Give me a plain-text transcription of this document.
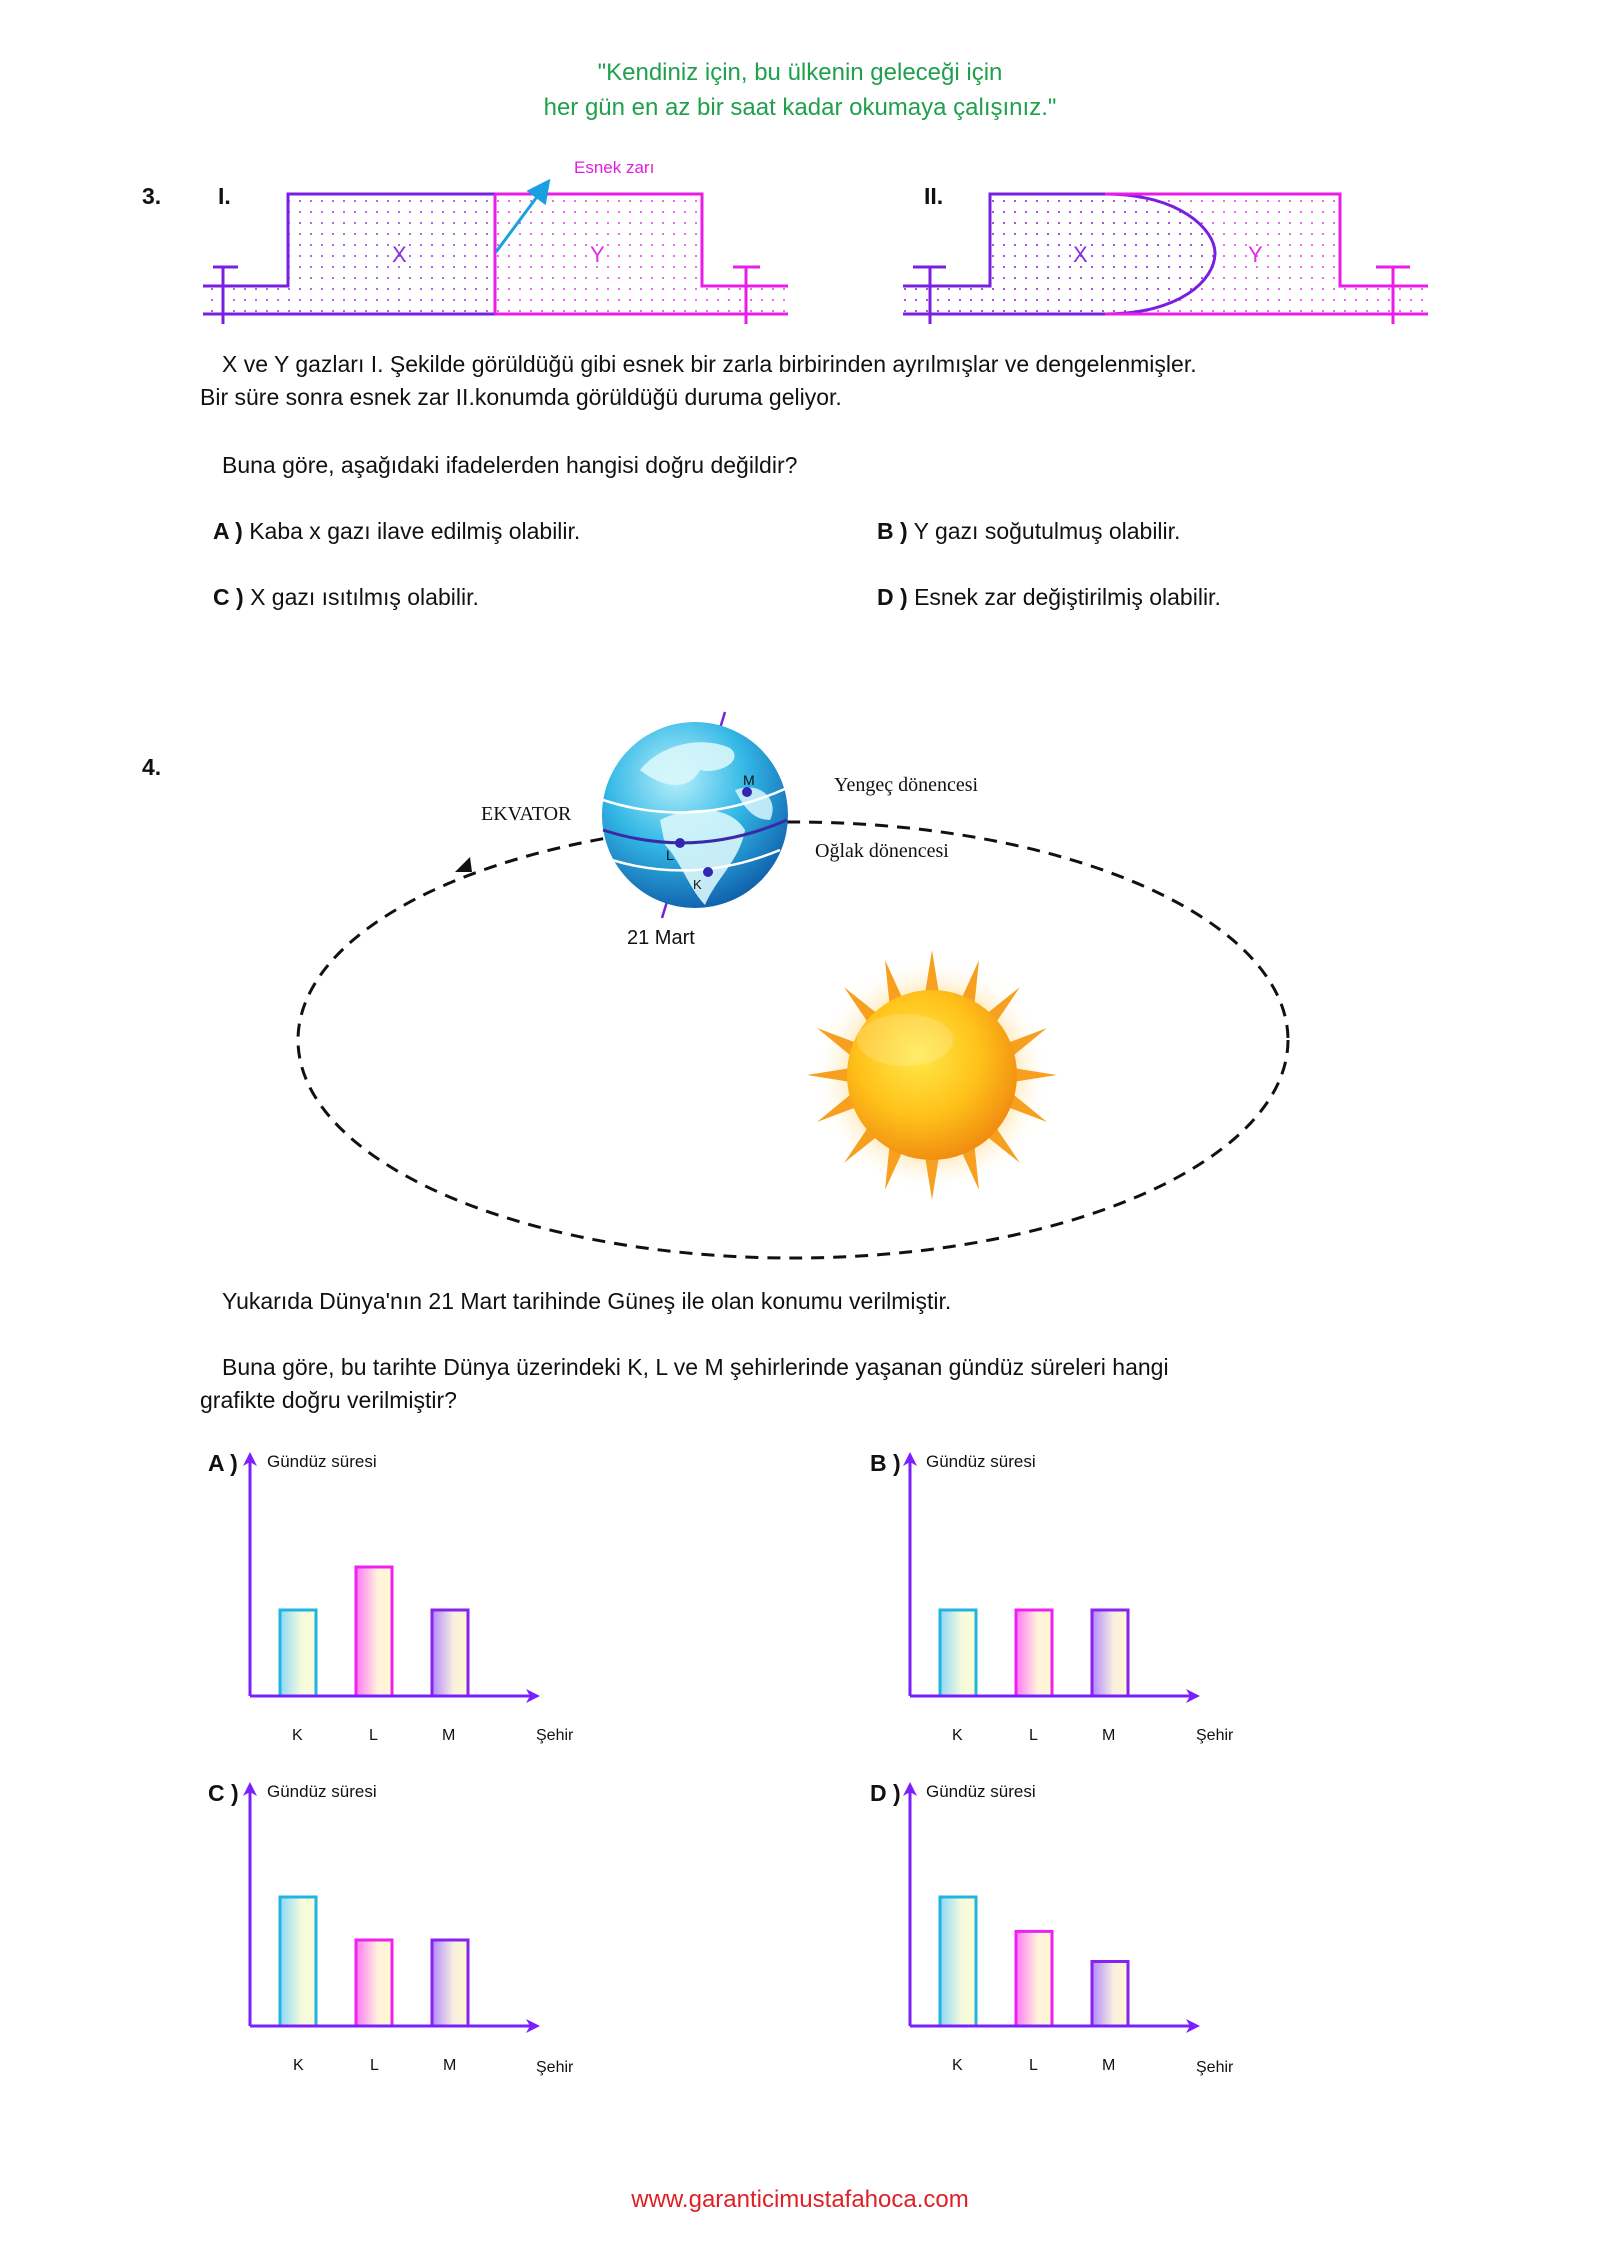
"Kendiniz için, bu ülkenin geleceği için
her gün en az bir saat kadar okumaya çalışınız."
3. I.
Esnek zarı
X	Y
II.
X	Y
X ve Y gazları I. Şekilde görüldüğü gibi esnek bir zarla birbirinden ayrılmışlar ve dengelenmişler.
Bir süre sonra esnek zar II.konumda görüldüğü duruma geliyor.
Buna göre, aşağıdaki ifadelerden hangisi doğru değildir?
A ) Kaba x gazı ilave edilmiş olabilir.	B ) Y gazı soğutulmuş olabilir.
C ) X gazı ısıtılmış olabilir.	D ) Esnek zar değiştirilmiş olabilir.
4.	M
L
K
EKVATOR
Yengeç dönencesi
Oğlak dönencesi
21 Mart
Yukarıda Dünya'nın 21 Mart tarihinde Güneş ile olan konumu verilmiştir.
Buna göre, bu tarihte Dünya üzerindeki K, L ve M şehirlerinde yaşanan gündüz süreleri hangi
grafikte doğru verilmiştir?
A ) Gündüz süresi
K	L	M	Şehir
B ) Gündüz süresi
K	L	M	Şehir
C ) Gündüz süresi
K	L	M	Şehir
D ) Gündüz süresi
K	L	M	Şehir
www.garanticimustafahoca.com
